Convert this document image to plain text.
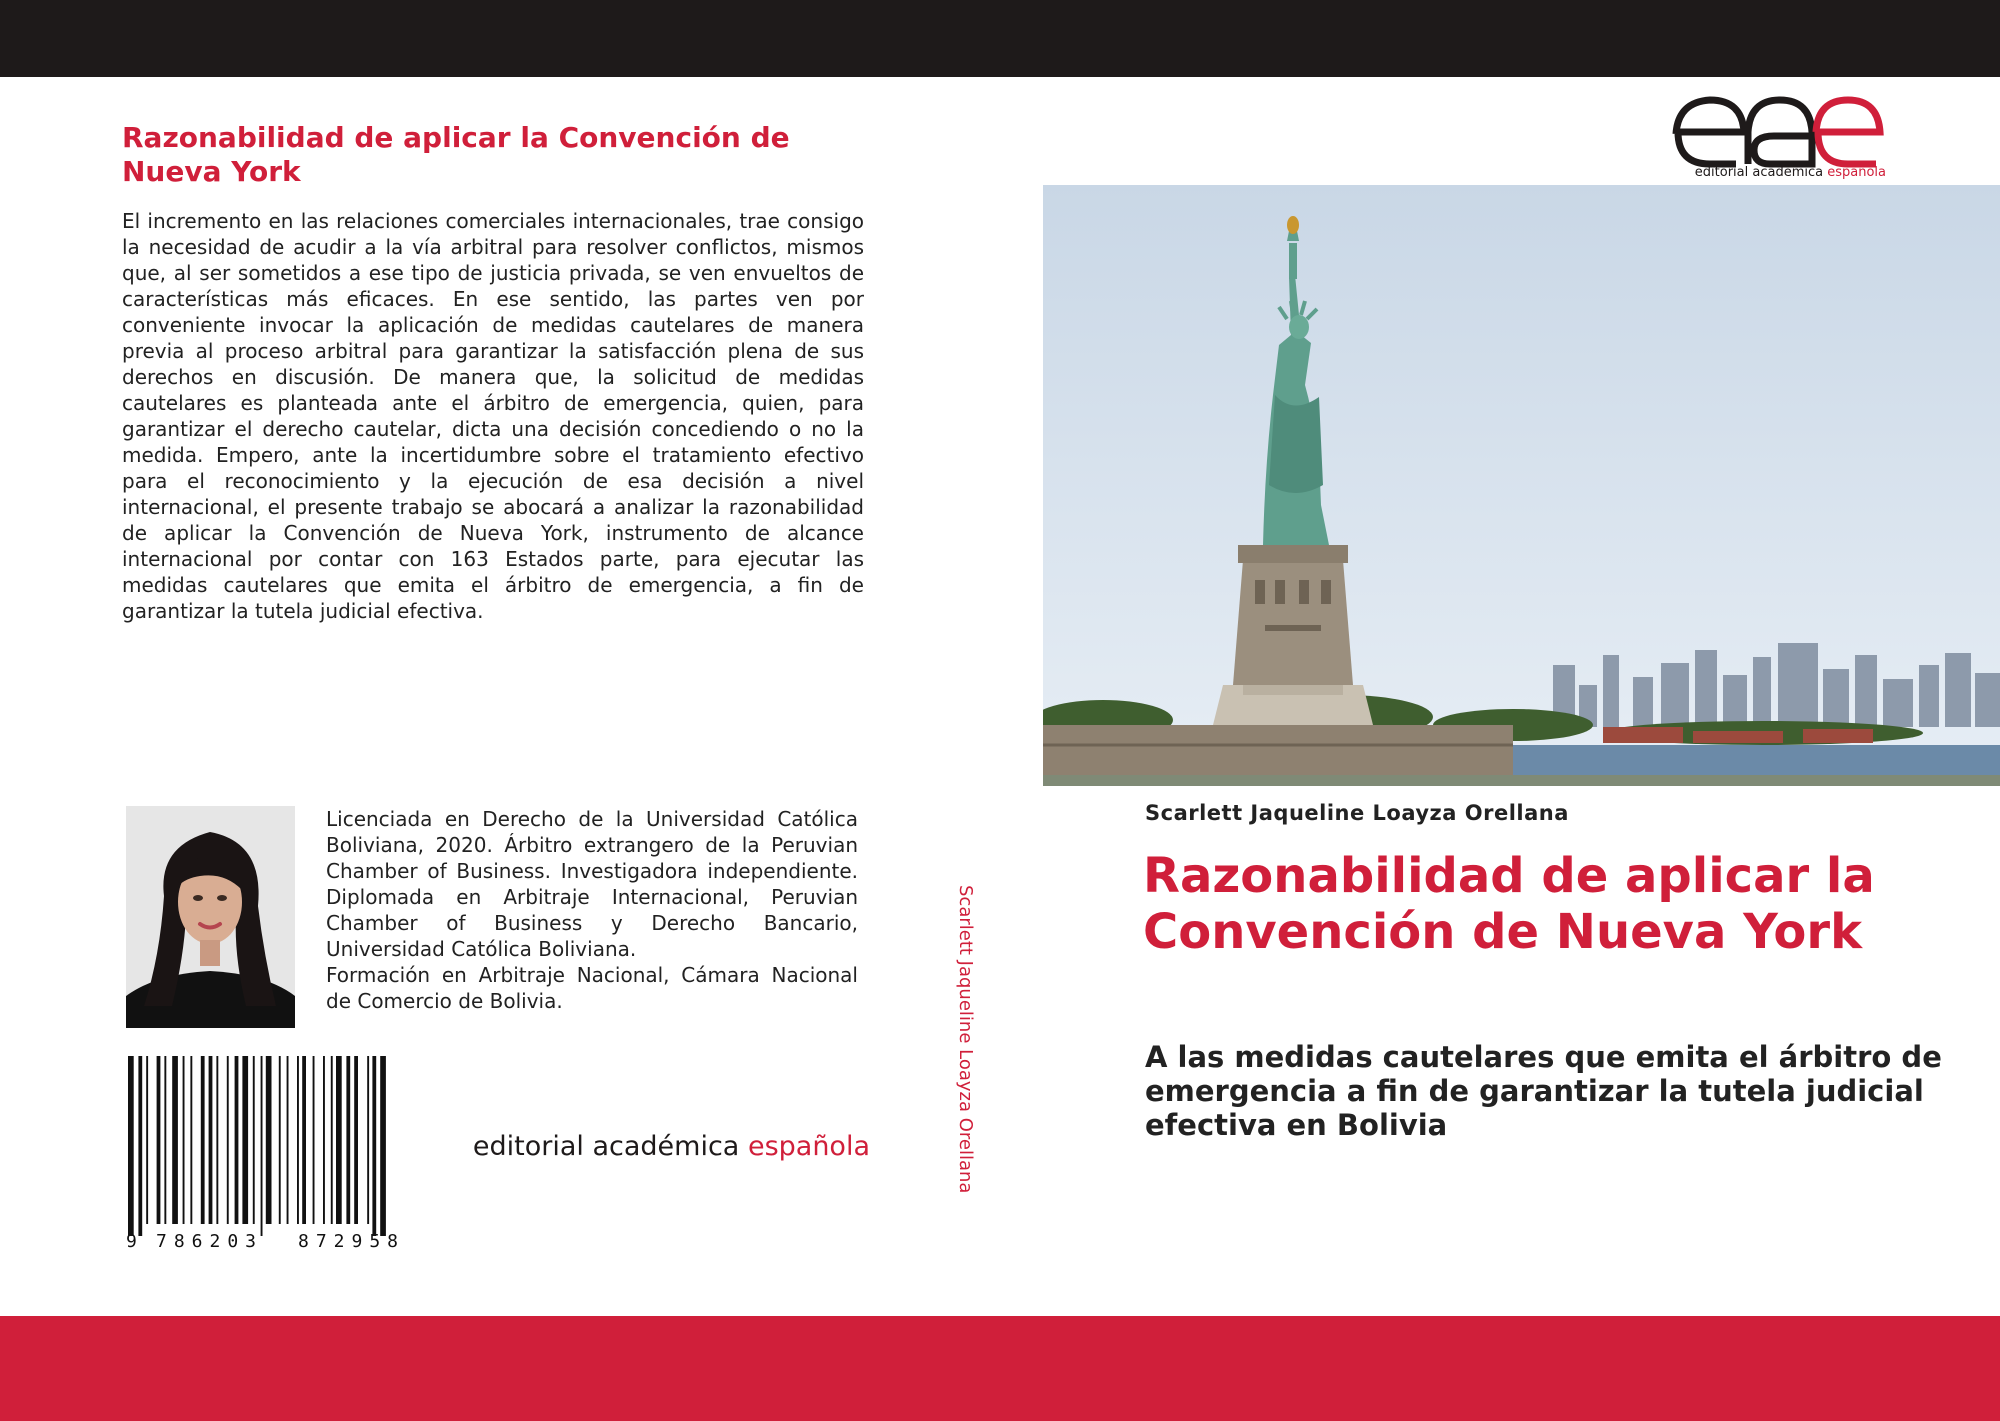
Razonabilidad de aplicar la Convención de Nueva York

El incremento en las relaciones comerciales internacionales, trae consigo la necesidad de acudir a la vía arbitral para resolver conflictos, mismos que, al ser sometidos a ese tipo de justicia privada, se ven envueltos de características más eficaces. En ese sentido, las partes ven por conveniente invocar la aplicación de medidas cautelares de manera previa al proceso arbitral para garantizar la satisfacción plena de sus derechos en discusión. De manera que, la solicitud de medidas cautelares es planteada ante el árbitro de emergencia, quien, para garantizar el derecho cautelar, dicta una decisión concediendo o no la medida. Empero, ante la incertidumbre sobre el tratamiento efectivo para el reconocimiento y la ejecución de esa decisión a nivel internacional, el presente trabajo se abocará a analizar la razonabilidad de aplicar la Convención de Nueva York, instrumento de alcance internacional por contar con 163 Estados parte, para ejecutar las medidas cautelares que emita el árbitro de emergencia, a fin de garantizar la tutela judicial efectiva.

Licenciada en Derecho de la Universidad Católica Boliviana, 2020. Árbitro extrangero de la Peruvian Chamber of Business. Investigadora independiente. Diplomada en Arbitraje Internacional, Peruvian Chamber of Business y Derecho Bancario, Universidad Católica Boliviana.
Formación en Arbitraje Nacional, Cámara Nacional de Comercio de Bolivia.

9 786203 872958
editorial académica española	Scarlett Jaqueline Loayza Orellana
editorial académica española
Scarlett Jaqueline Loayza Orellana
Razonabilidad de aplicar la Convención de Nueva York
A las medidas cautelares que emita el árbitro de emergencia a fin de garantizar la tutela judicial efectiva en Bolivia
